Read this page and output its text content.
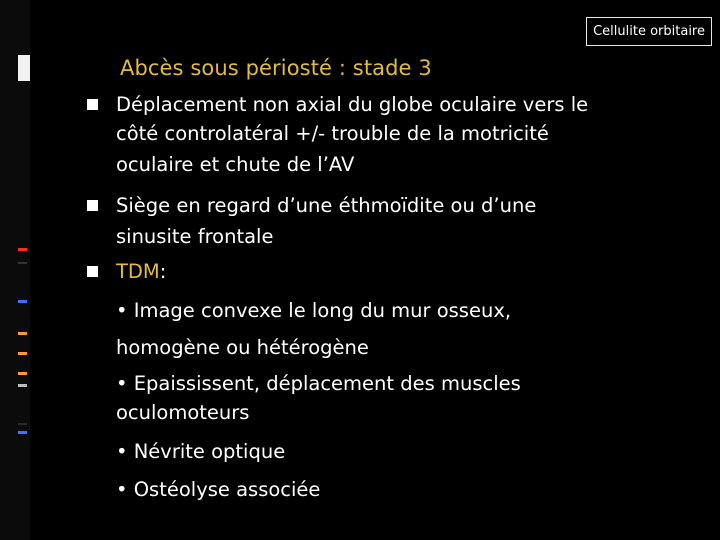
Cellulite orbitaire
Abcès sous périosté : stade 3
Déplacement non axial du globe oculaire vers le
côté controlatéral +/- trouble de la motricité
oculaire et chute de l’AV
Siège en regard d’une éthmoïdite ou d’une
sinusite frontale
TDM:
• Image convexe le long du mur osseux,
homogène ou hétérogène
• Epaississent, déplacement des muscles
oculomoteurs
• Névrite optique
• Ostéolyse associée
